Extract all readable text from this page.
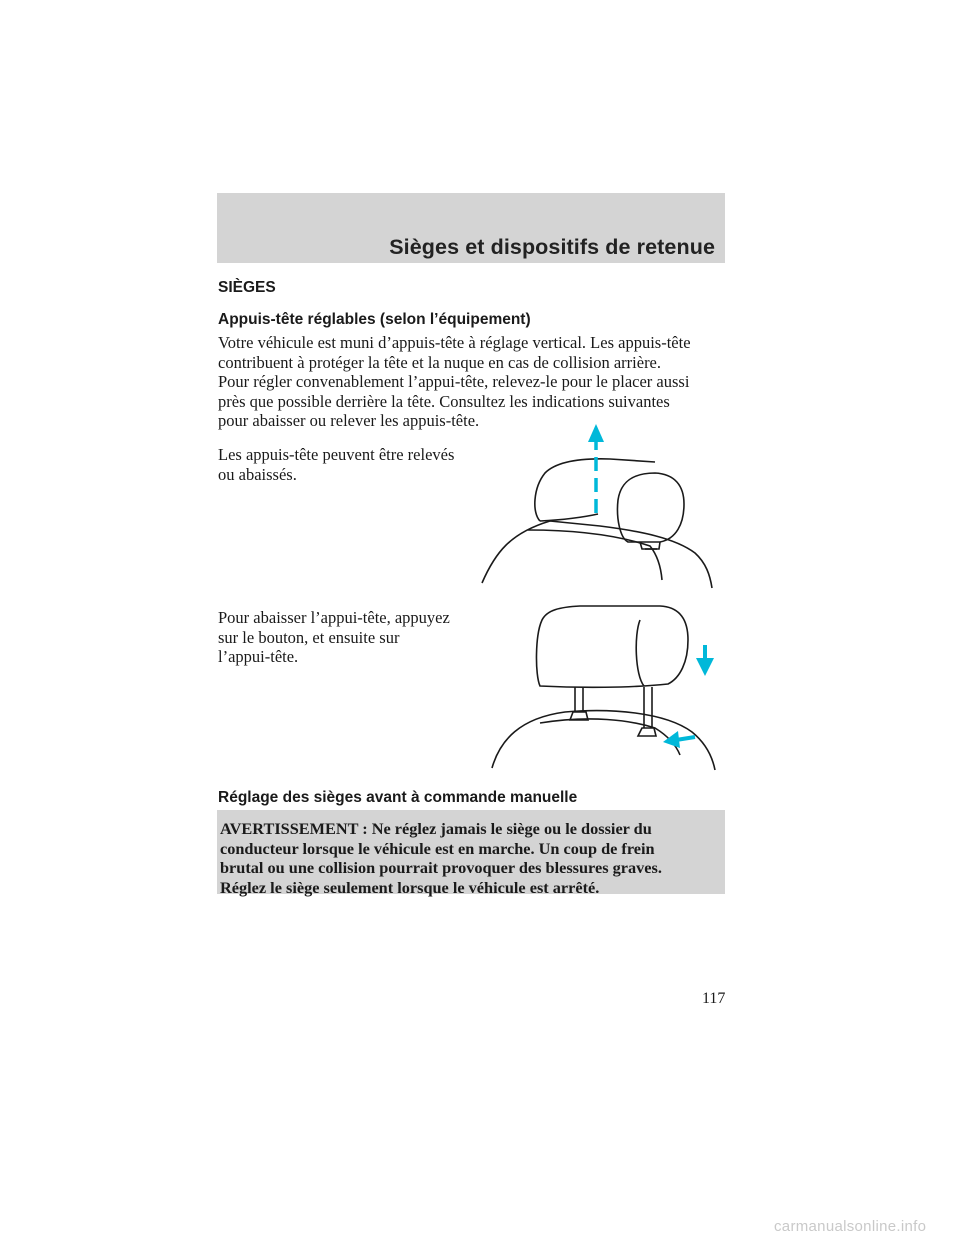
Sièges et dispositifs de retenue
SIÈGES
Appuis-tête réglables (selon l’équipement)

Votre véhicule est muni d’appuis-tête à réglage vertical. Les appuis-tête
contribuent à protéger la tête et la nuque en cas de collision arrière.
Pour régler convenablement l’appui-tête, relevez-le pour le placer aussi
près que possible derrière la tête. Consultez les indications suivantes
pour abaisser ou relever les appuis-tête.

Les appuis-tête peuvent être relevés
ou abaissés.

Pour abaisser l’appui-tête, appuyez
sur le bouton, et ensuite sur
l’appui-tête.

Réglage des sièges avant à commande manuelle

AVERTISSEMENT : Ne réglez jamais le siège ou le dossier du
conducteur lorsque le véhicule est en marche. Un coup de frein
brutal ou une collision pourrait provoquer des blessures graves.
Réglez le siège seulement lorsque le véhicule est arrêté.

117
carmanualsonline.info
